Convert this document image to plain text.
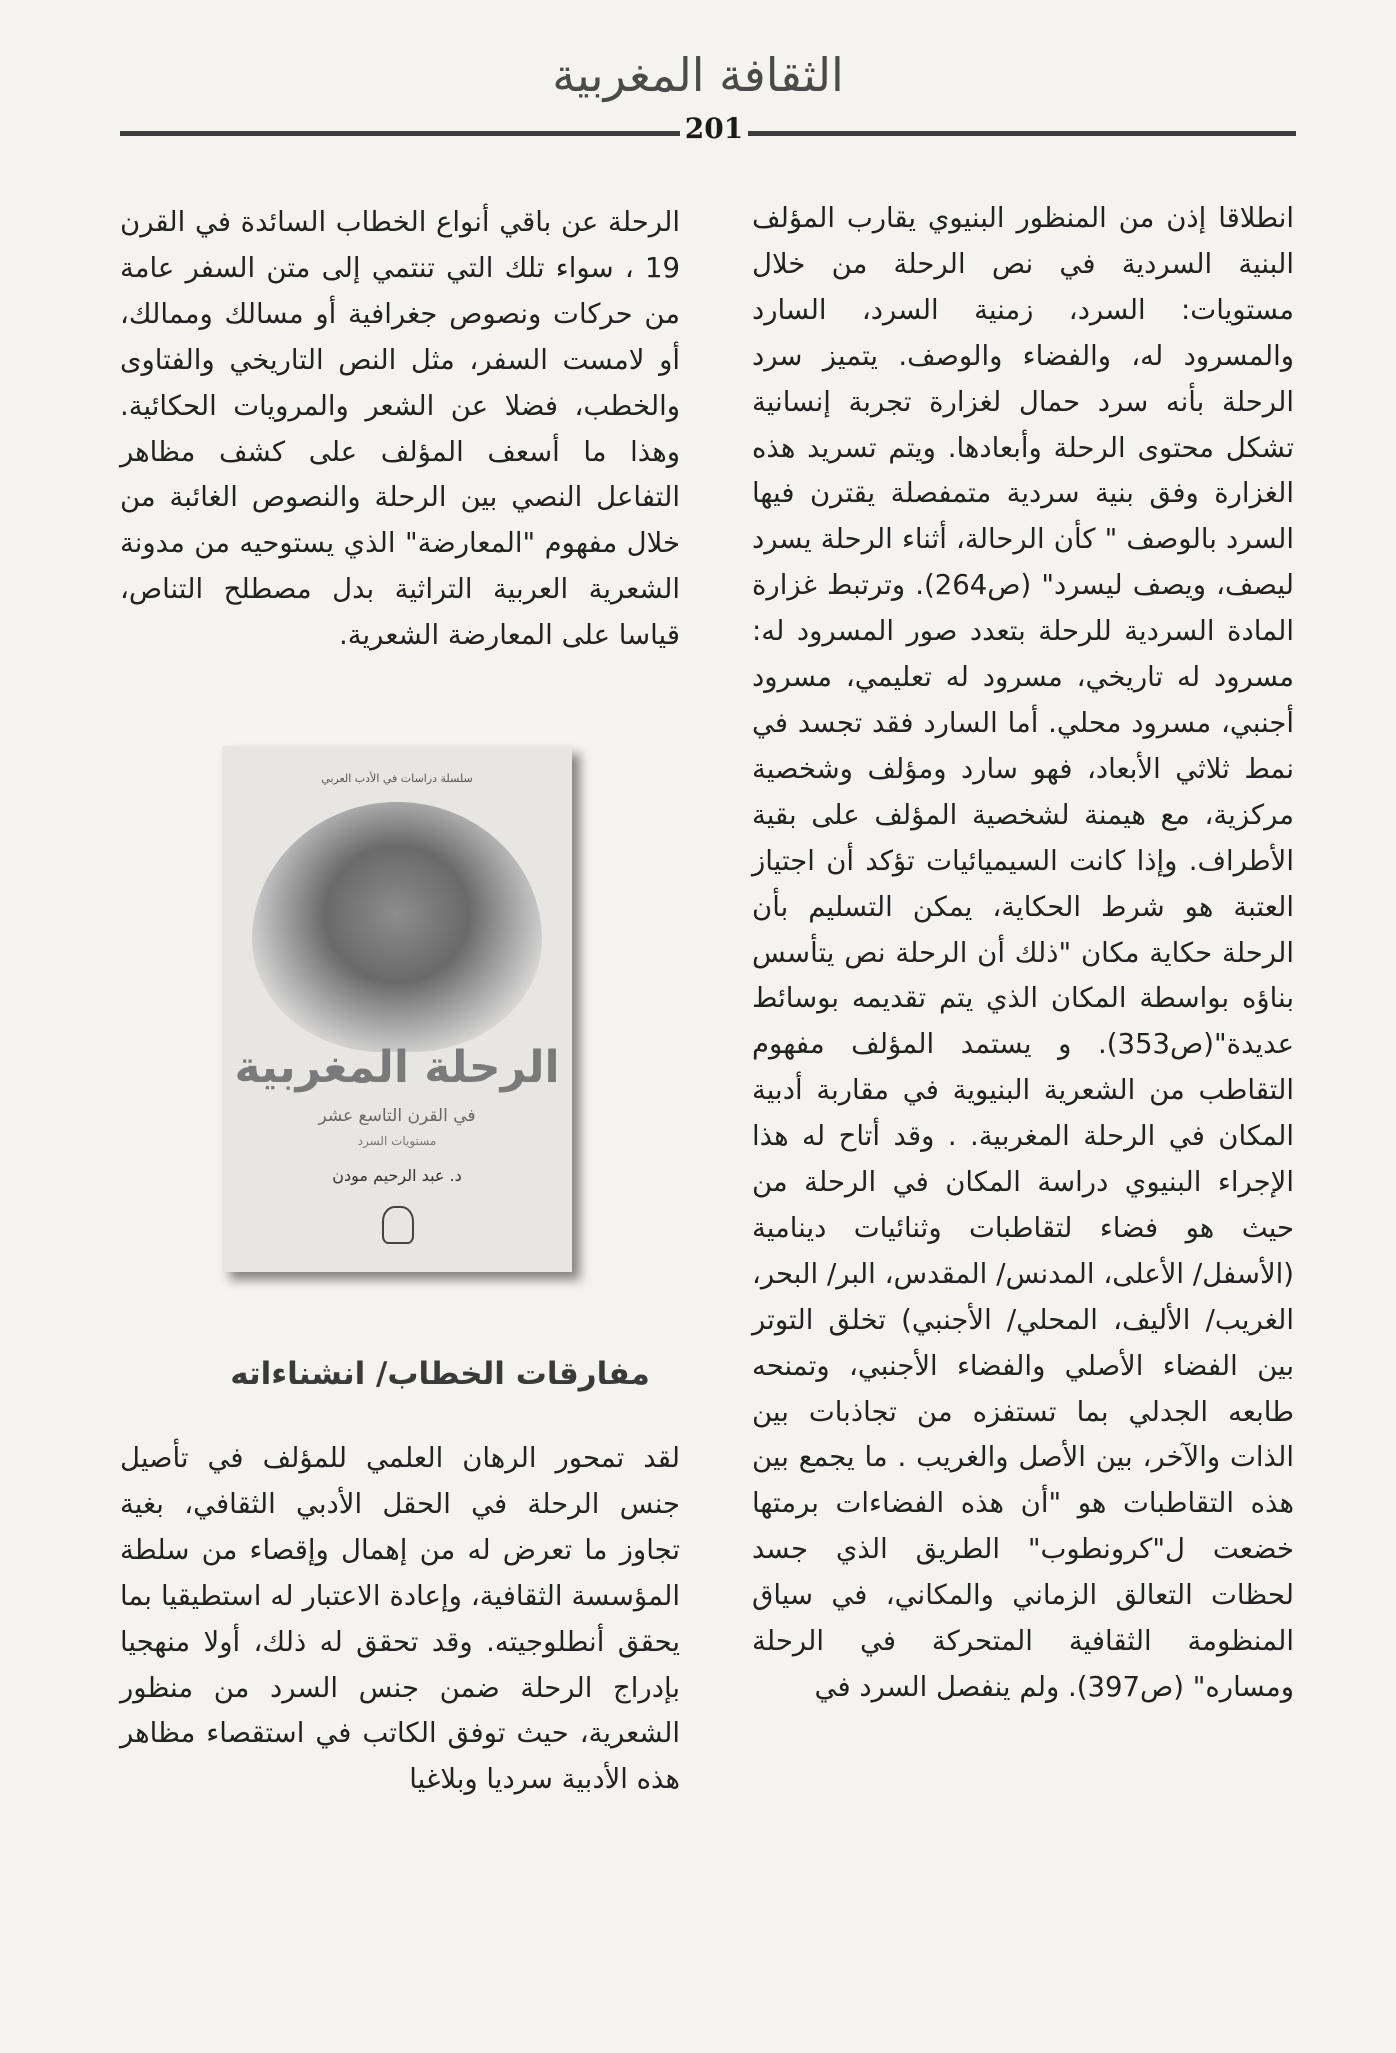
الثقافة المغربية
201

انطلاقا إذن من المنظور البنيوي يقارب المؤلف البنية السردية في نص الرحلة من خلال مستويات: السرد، زمنية السرد، السارد والمسرود له، والفضاء والوصف. يتميز سرد الرحلة بأنه سرد حمال لغزارة تجربة إنسانية تشكل محتوى الرحلة وأبعادها. ويتم تسريد هذه الغزارة وفق بنية سردية متمفصلة يقترن فيها السرد بالوصف " كأن الرحالة، أثناء الرحلة يسرد ليصف، ويصف ليسرد" (ص264). وترتبط غزارة المادة السردية للرحلة بتعدد صور المسرود له: مسرود له تاريخي، مسرود له تعليمي، مسرود أجنبي، مسرود محلي. أما السارد فقد تجسد في نمط ثلاثي الأبعاد، فهو سارد ومؤلف وشخصية مركزية، مع هيمنة لشخصية المؤلف على بقية الأطراف. وإذا كانت السيميائيات تؤكد أن اجتياز العتبة هو شرط الحكاية، يمكن التسليم بأن الرحلة حكاية مكان "ذلك أن الرحلة نص يتأسس بناؤه بواسطة المكان الذي يتم تقديمه بوسائط عديدة"(ص353). و يستمد المؤلف مفهوم التقاطب من الشعرية البنيوية في مقاربة أدبية المكان في الرحلة المغربية. . وقد أتاح له هذا الإجراء البنيوي دراسة المكان في الرحلة من حيث هو فضاء لتقاطبات وثنائيات دينامية (الأسفل/ الأعلى، المدنس/ المقدس، البر/ البحر، الغريب/ الأليف، المحلي/ الأجنبي) تخلق التوتر بين الفضاء الأصلي والفضاء الأجنبي، وتمنحه طابعه الجدلي بما تستفزه من تجاذبات بين الذات والآخر، بين الأصل والغريب . ما يجمع بين هذه التقاطبات هو "أن هذه الفضاءات برمتها خضعت ل"كرونطوب" الطريق الذي جسد لحظات التعالق الزماني والمكاني، في سياق المنظومة الثقافية المتحركة في الرحلة ومساره" (ص397). ولم ينفصل السرد في

الرحلة عن باقي أنواع الخطاب السائدة في القرن 19 ، سواء تلك التي تنتمي إلى متن السفر عامة من حركات ونصوص جغرافية أو مسالك وممالك، أو لامست السفر، مثل النص التاريخي والفتاوى والخطب، فضلا عن الشعر والمرويات الحكائية. وهذا ما أسعف المؤلف على كشف مظاهر التفاعل النصي بين الرحلة والنصوص الغائبة من خلال مفهوم "المعارضة" الذي يستوحيه من مدونة الشعرية العربية التراثية بدل مصطلح التناص، قياسا على المعارضة الشعرية.

سلسلة دراسات في الأدب العربي
الرحلة المغربية
في القرن التاسع عشر
مستويات السرد
د. عبد الرحيم مودن
مفارقات الخطاب/ انشناءاته

لقد تمحور الرهان العلمي للمؤلف في تأصيل جنس الرحلة في الحقل الأدبي الثقافي، بغية تجاوز ما تعرض له من إهمال وإقصاء من سلطة المؤسسة الثقافية، وإعادة الاعتبار له استطيقيا بما يحقق أنطلوجيته. وقد تحقق له ذلك، أولا منهجيا بإدراج الرحلة ضمن جنس السرد من منظور الشعرية، حيث توفق الكاتب في استقصاء مظاهر هذه الأدبية سرديا وبلاغيا
